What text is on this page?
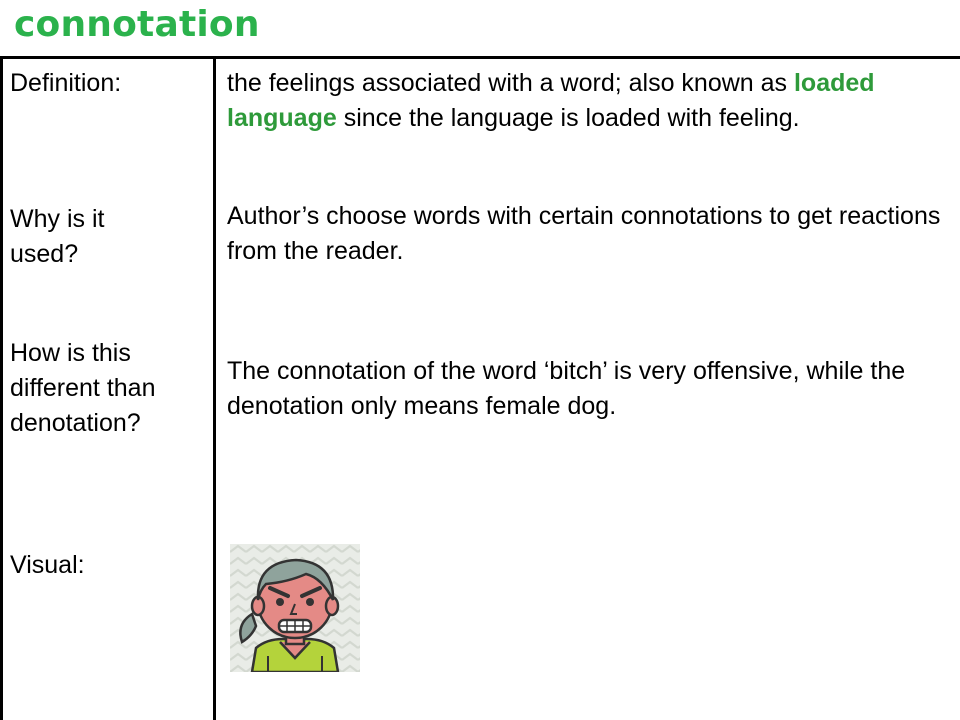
connotation
Definition:	the feelings associated with a word; also known as loaded language since the language is loaded with feeling.
Why is it used?
Author’s choose words with certain connotations to get reactions from the reader.
How is this different than denotation?
The connotation of the word ‘bitch’ is very offensive, while the denotation only means female dog.
Visual:
